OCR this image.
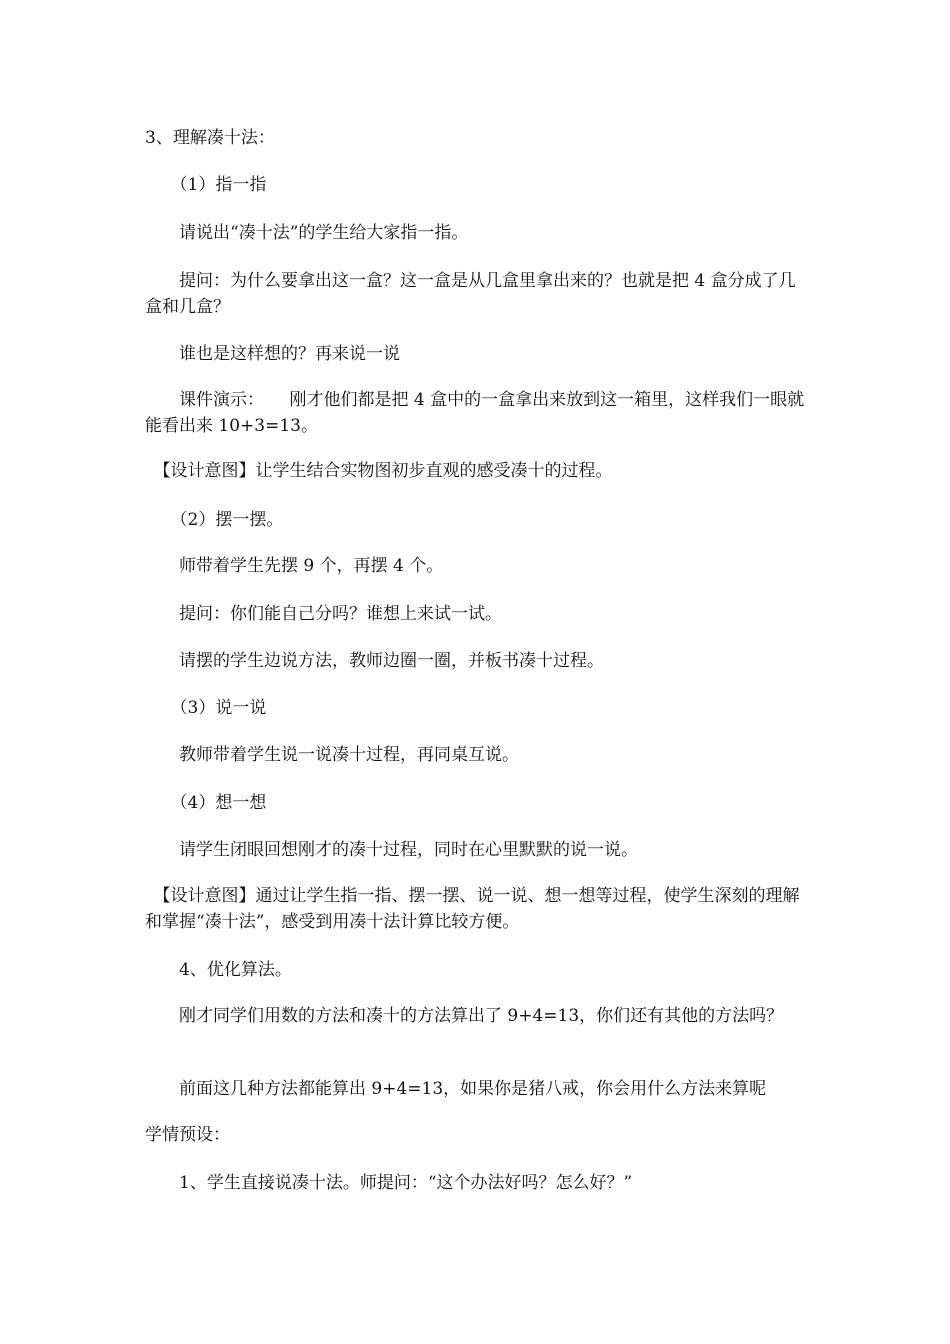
3、理解凑十法：

　　（1）指一指

　　请说出“凑十法”的学生给大家指一指。

　　提问：为什么要拿出这一盒？这一盒是从几盒里拿出来的？也就是把 4 盒分成了几盒和几盒？

　　谁也是这样想的？再来说一说

　　课件演示：　　刚才他们都是把 4 盒中的一盒拿出来放到这一箱里，这样我们一眼就能看出来 10+3=13。

　【设计意图】让学生结合实物图初步直观的感受凑十的过程。

　　（2）摆一摆。

　　师带着学生先摆 9 个，再摆 4 个。

　　提问：你们能自己分吗？谁想上来试一试。

　　请摆的学生边说方法，教师边圈一圈，并板书凑十过程。

　　（3）说一说

　　教师带着学生说一说凑十过程，再同桌互说。

　　（4）想一想

　　请学生闭眼回想刚才的凑十过程，同时在心里默默的说一说。

　【设计意图】通过让学生指一指、摆一摆、说一说、想一想等过程，使学生深刻的理解和掌握“凑十法”，感受到用凑十法计算比较方便。

　　4、优化算法。

　　刚才同学们用数的方法和凑十的方法算出了 9+4=13，你们还有其他的方法吗？

　　前面这几种方法都能算出 9+4=13，如果你是猪八戒，你会用什么方法来算呢

学情预设：

　　1、学生直接说凑十法。师提问：“这个办法好吗？怎么好？”
